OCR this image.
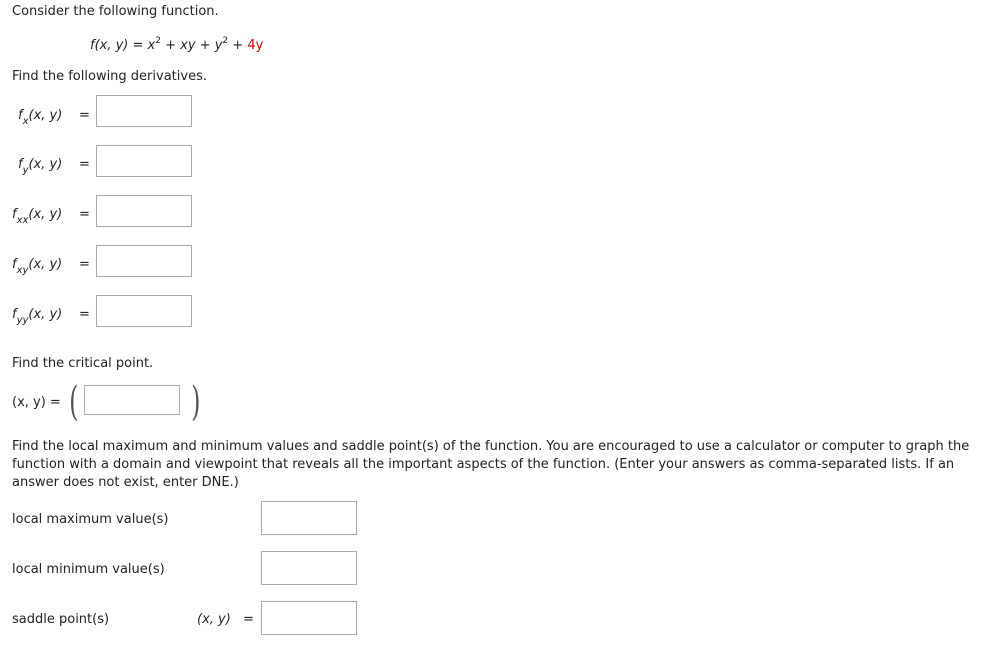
Consider the following function.
f(x, $y) = x^2$ + xy + $y^2 + 4y$
Find the following derivatives.
$f_x(x$, y) =
$f_y(x$, y) =
$f_{xx}(x$, y) =
$f_{xy}(x$, y) =
$f_{yy}(x$, y) =
Find the critical point.
(x, y) = (	)
Find the local maximum and minimum values and saddle point(s) of the function. You are encouraged to use a calculator or computer to graph the function with a domain and viewpoint that reveals all the important aspects of the function. (Enter your answers as comma-separated lists. If an answer does not exist, enter DNE.)
local maximum value(s)
local minimum value(s)
saddle point(s)	(x, y) =
